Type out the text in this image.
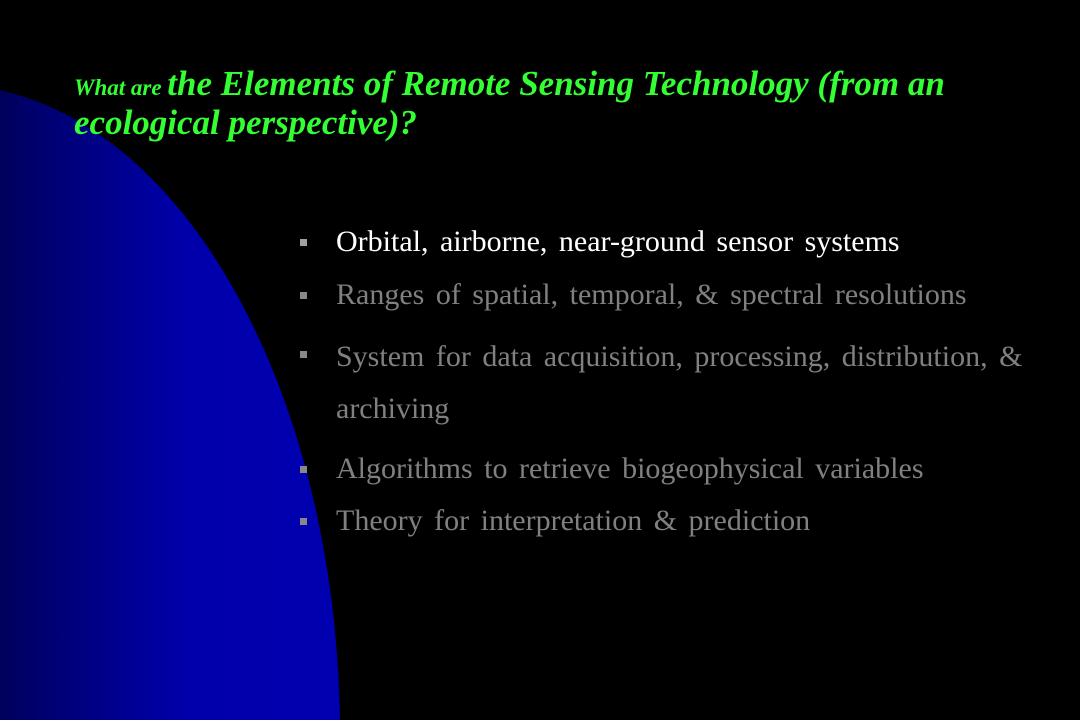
What are the Elements of Remote Sensing Technology (from an ecological perspective)?
Orbital, airborne, near-ground sensor systems
Ranges of spatial, temporal, & spectral resolutions
System for data acquisition, processing, distribution, & archiving
Algorithms to retrieve biogeophysical variables
Theory for interpretation & prediction
